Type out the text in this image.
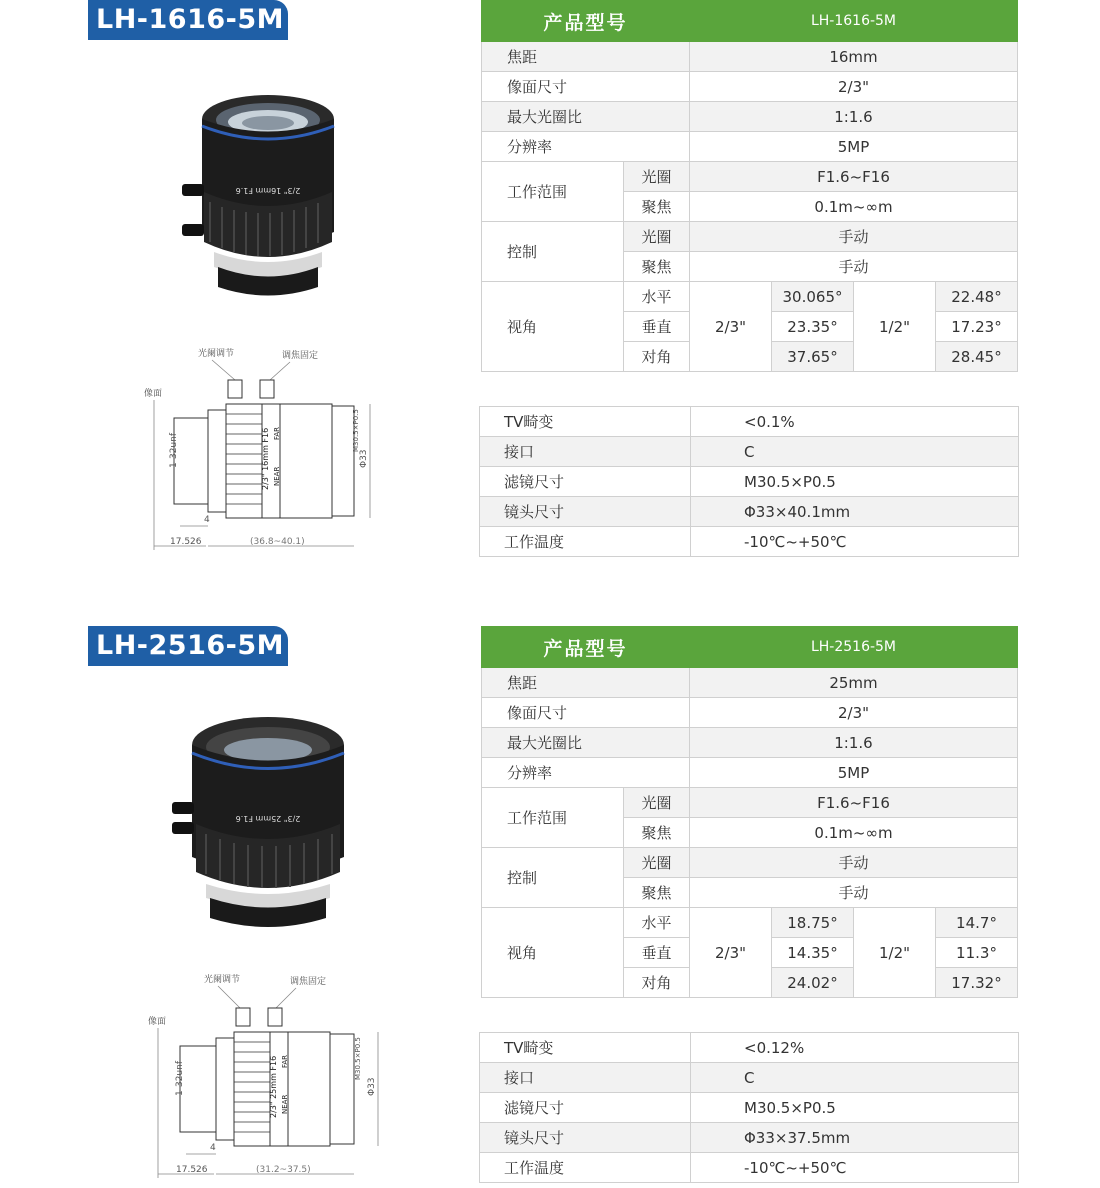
LH-1616-5M
2/3" 16mm F1.6
光阑调节	调焦固定
像面
2/3" 16mm F16 NEAR
FAR
1-32unf	Φ33
M30.5×P0.5
4
17.526	(36.8~40.1)
产品型号		LH-1616-5M			
焦距		16mm			
像面尺寸		2/3"			
最大光圈比		1:1.6			
分辨率		5MP			
工作范围	光圈	F1.6~F16			
	聚焦	0.1m~∞m			
控制	光圈	手动			
	聚焦	手动			
视角	水平	2/3"	30.065°	1/2"	22.48°
	垂直		23.35°		17.23°
	对角		37.65°		28.45°
TV畸变	<0.1%
接口	C
滤镜尺寸	M30.5×P0.5
镜头尺寸	Φ33×40.1mm
工作温度	-10℃~+50℃
LH-2516-5M
2/3" 25mm F1.6
光阑调节	调焦固定
像面
2/3" 25mm F16 NEAR
FAR
1-32unf	Φ33
M30.5×P0.5
4
17.526	(31.2~37.5)
产品型号		LH-2516-5M			
焦距		25mm			
像面尺寸		2/3"			
最大光圈比		1:1.6			
分辨率		5MP			
工作范围	光圈	F1.6~F16			
	聚焦	0.1m~∞m			
控制	光圈	手动			
	聚焦	手动			
视角	水平	2/3"	18.75°	1/2"	14.7°
	垂直		14.35°		11.3°
	对角		24.02°		17.32°
TV畸变	<0.12%
接口	C
滤镜尺寸	M30.5×P0.5
镜头尺寸	Φ33×37.5mm
工作温度	-10℃~+50℃
